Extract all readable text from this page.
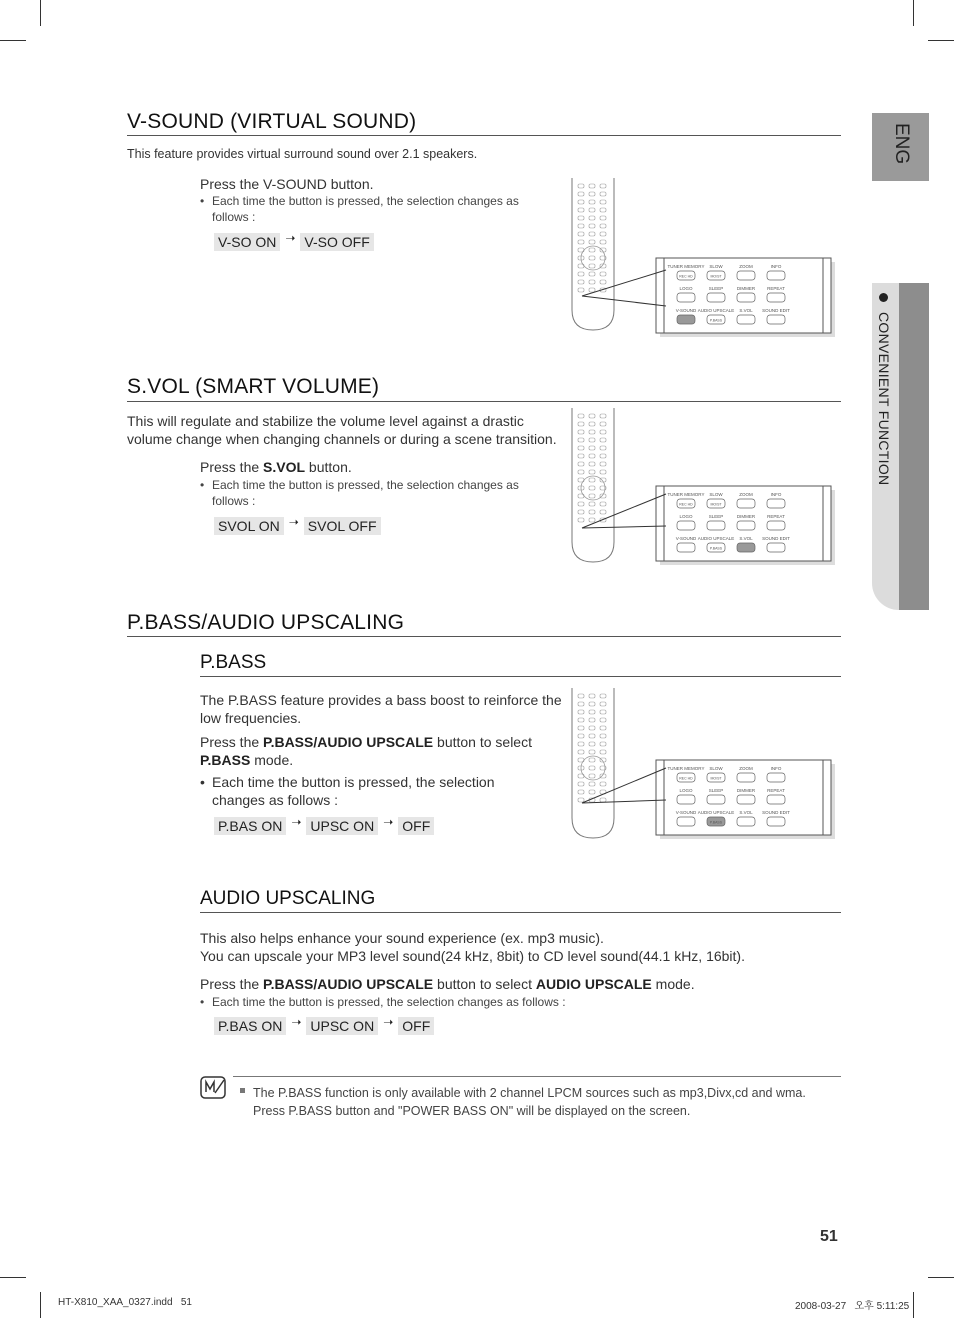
ENG
CONVENIENT FUNCTION
V-SOUND (VIRTUAL SOUND)
This feature provides virtual surround sound over 2.1 speakers.
Press the V-SOUND button.
• Each time the button is pressed, the selection changes as follows :
V-SO ON ➝ V-SO OFF
S.VOL (SMART VOLUME)
This will regulate and stabilize the volume level against a drastic
volume change when changing channels or during a scene transition.
Press the S.VOL button.
• Each time the button is pressed, the selection changes as follows :
SVOL ON ➝ SVOL OFF
P.BASS/AUDIO UPSCALING
P.BASS
The P.BASS feature provides a bass boost to reinforce the
low frequencies.
Press the P.BASS/AUDIO UPSCALE button to select
P.BASS mode.
• Each time the button is pressed, the selection
changes as follows :
P.BAS ON ➝ UPSC ON ➝ OFF
AUDIO UPSCALING
This also helps enhance your sound experience (ex. mp3 music).
You can upscale your MP3 level sound(24 kHz, 8bit) to CD level sound(44.1 kHz, 16bit).
Press the P.BASS/AUDIO UPSCALE button to select AUDIO UPSCALE mode.
• Each time the button is pressed, the selection changes as follows :
P.BAS ON ➝ UPSC ON ➝ OFF
The P.BASS function is only available with 2 channel LPCM sources such as mp3,Divx,cd and wma.
Press P.BASS button and "POWER BASS ON" will be displayed on the screen.
51
HT-X810_XAA_0327.indd   51	2008-03-27   오후 5:11:25
TUNER MEMORY SLOW	ZOOM	INFO
LOGO	SLEEP	DIMMER	REPEAT
V-SOUND AUDIO UPSCALE S.VOL SOUND EDIT
REC HD	MO/ST
P.BASS
TUNER MEMORY SLOW	ZOOM	INFO
LOGO	SLEEP	DIMMER	REPEAT
V-SOUND AUDIO UPSCALE S.VOL SOUND EDIT
REC HD	MO/ST
P.BASS
TUNER MEMORY SLOW	ZOOM	INFO
LOGO	SLEEP	DIMMER	REPEAT
V-SOUND AUDIO UPSCALE S.VOL SOUND EDIT
REC HD	MO/ST
P.BASS
